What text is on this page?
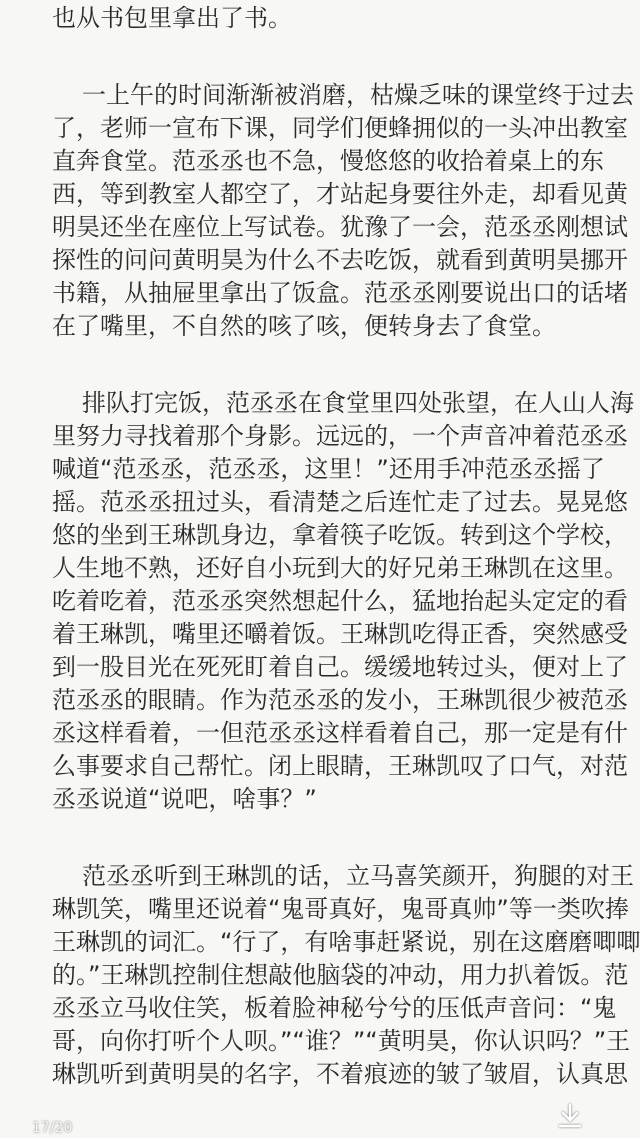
也从书包里拿出了书。
一上午的时间渐渐被消磨，枯燥乏味的课堂终于过去
了，老师一宣布下课，同学们便蜂拥似的一头冲出教室
直奔食堂。范丞丞也不急，慢悠悠的收拾着桌上的东
西，等到教室人都空了，才站起身要往外走，却看见黄
明昊还坐在座位上写试卷。犹豫了一会，范丞丞刚想试
探性的问问黄明昊为什么不去吃饭，就看到黄明昊挪开
书籍，从抽屉里拿出了饭盒。范丞丞刚要说出口的话堵
在了嘴里，不自然的咳了咳，便转身去了食堂。
排队打完饭，范丞丞在食堂里四处张望，在人山人海
里努力寻找着那个身影。远远的，一个声音冲着范丞丞
喊道“范丞丞，范丞丞，这里！”还用手冲范丞丞摇了
摇。范丞丞扭过头，看清楚之后连忙走了过去。晃晃悠
悠的坐到王琳凯身边，拿着筷子吃饭。转到这个学校，
人生地不熟，还好自小玩到大的好兄弟王琳凯在这里。
吃着吃着，范丞丞突然想起什么，猛地抬起头定定的看
着王琳凯，嘴里还嚼着饭。王琳凯吃得正香，突然感受
到一股目光在死死盯着自己。缓缓地转过头，便对上了
范丞丞的眼睛。作为范丞丞的发小，王琳凯很少被范丞
丞这样看着，一但范丞丞这样看着自己，那一定是有什
么事要求自己帮忙。闭上眼睛，王琳凯叹了口气，对范
丞丞说道“说吧，啥事？”
范丞丞听到王琳凯的话，立马喜笑颜开，狗腿的对王
琳凯笑，嘴里还说着“鬼哥真好，鬼哥真帅”等一类吹捧
王琳凯的词汇。“行了，有啥事赶紧说，别在这磨磨唧唧
的。”王琳凯控制住想敲他脑袋的冲动，用力扒着饭。范
丞丞立马收住笑，板着脸神秘兮兮的压低声音问：“鬼
哥，向你打听个人呗。”“谁？”“黄明昊，你认识吗？”王
琳凯听到黄明昊的名字，不着痕迹的皱了皱眉，认真思
17/20
